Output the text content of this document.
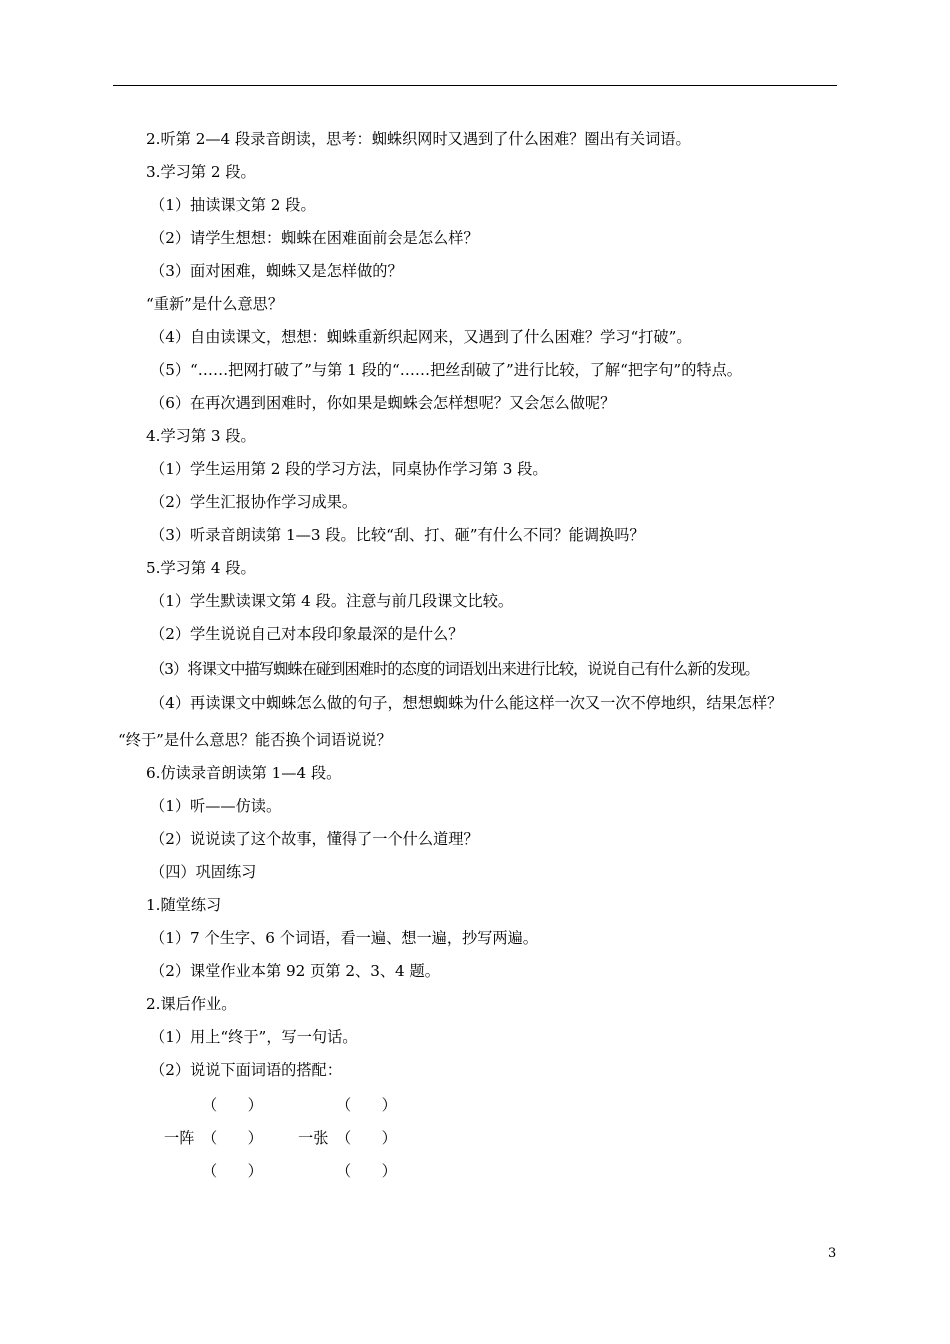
2.听第 2—4 段录音朗读，思考：蜘蛛织网时又遇到了什么困难？圈出有关词语。
3.学习第 2 段。
（1）抽读课文第 2 段。
（2）请学生想想：蜘蛛在困难面前会是怎么样？
（3）面对困难，蜘蛛又是怎样做的？
“重新”是什么意思？
（4）自由读课文，想想：蜘蛛重新织起网来，又遇到了什么困难？学习“打破”。
（5）“……把网打破了”与第 1 段的“……把丝刮破了”进行比较，了解“把字句”的特点。
（6）在再次遇到困难时，你如果是蜘蛛会怎样想呢？又会怎么做呢？
4.学习第 3 段。
（1）学生运用第 2 段的学习方法，同桌协作学习第 3 段。
（2）学生汇报协作学习成果。
（3）听录音朗读第 1—3 段。比较“刮、打、砸”有什么不同？能调换吗？
5.学习第 4 段。
（1）学生默读课文第 4 段。注意与前几段课文比较。
（2）学生说说自己对本段印象最深的是什么？
（3）将课文中描写蜘蛛在碰到困难时的态度的词语划出来进行比较，说说自己有什么新的发现。
（4）再读课文中蜘蛛怎么做的句子，想想蜘蛛为什么能这样一次又一次不停地织，结果怎样？
“终于”是什么意思？能否换个词语说说？
6.仿读录音朗读第 1—4 段。
（1）听——仿读。
（2）说说读了这个故事，懂得了一个什么道理？
（四）巩固练习
1.随堂练习
（1）7 个生字、6 个词语，看一遍、想一遍，抄写两遍。
（2）课堂作业本第 92 页第 2、3、4 题。
2.课后作业。
（1）用上“终于”，写一句话。
（2）说说下面词语的搭配：
（　　）	（　　）
一阵 （　　） 一张 （　　）
（　　）	（　　）
3
